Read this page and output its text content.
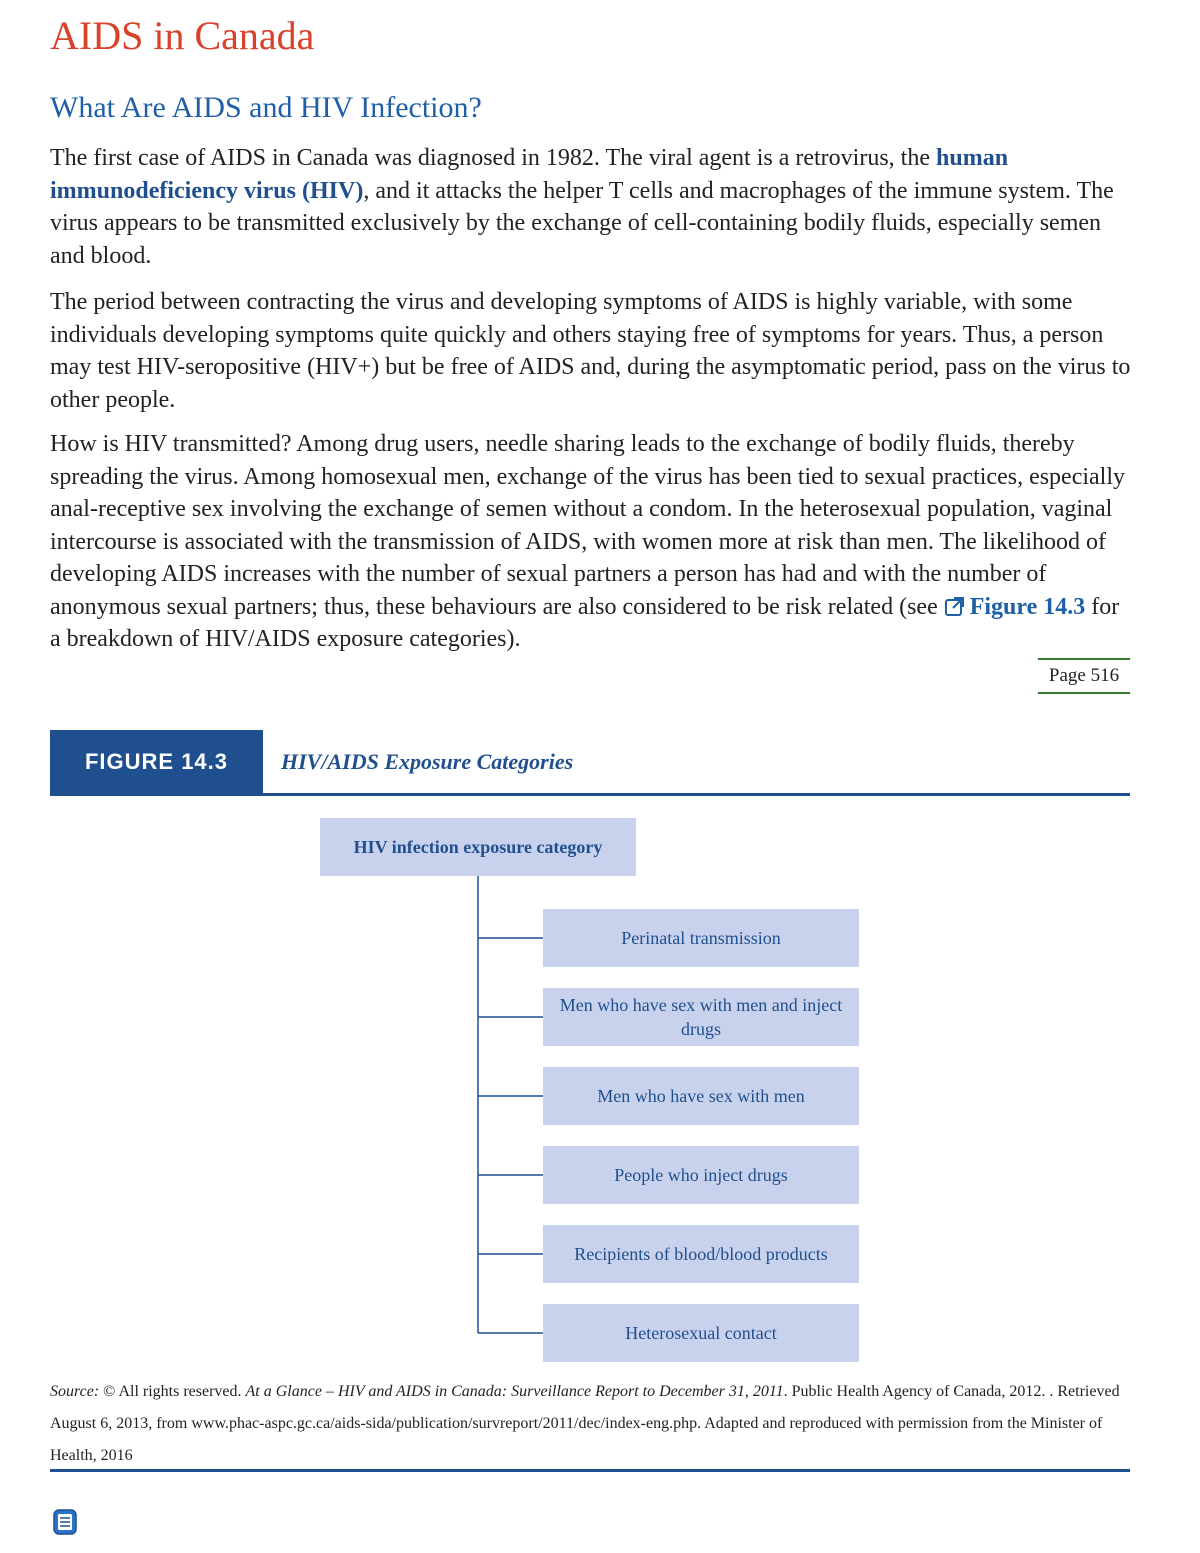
AIDS in Canada
What Are AIDS and HIV Infection?

The first case of AIDS in Canada was diagnosed in 1982. The viral agent is a retrovirus, the human immunodeficiency virus (HIV), and it attacks the helper T cells and macrophages of the immune system. The virus appears to be transmitted exclusively by the exchange of cell-containing bodily fluids, especially semen and blood.

The period between contracting the virus and developing symptoms of AIDS is highly variable, with some individuals developing symptoms quite quickly and others staying free of symptoms for years. Thus, a person may test HIV-seropositive (HIV+) but be free of AIDS and, during the asymptomatic period, pass on the virus to other people.

How is HIV transmitted? Among drug users, needle sharing leads to the exchange of bodily fluids, thereby spreading the virus. Among homosexual men, exchange of the virus has been tied to sexual practices, especially anal-receptive sex involving the exchange of semen without a condom. In the heterosexual population, vaginal intercourse is associated with the transmission of AIDS, with women more at risk than men. The likelihood of developing AIDS increases with the number of sexual partners a person has had and with the number of anonymous sexual partners; thus, these behaviours are also considered to be risk related (see Figure 14.3 for a breakdown of HIV/AIDS exposure categories).

Page 516
FIGURE 14.3	HIV/AIDS Exposure Categories
HIV infection exposure category
Perinatal transmission
Men who have sex with men and inject drugs
Men who have sex with men
People who inject drugs
Recipients of blood/blood products
Heterosexual contact

Source: © All rights reserved. At a Glance – HIV and AIDS in Canada: Surveillance Report to December 31, 2011. Public Health Agency of Canada, 2012. . Retrieved August 6, 2013, from www.phac-aspc.gc.ca/aids-sida/publication/survreport/2011/dec/index-eng.php. Adapted and reproduced with permission from the Minister of Health, 2016
